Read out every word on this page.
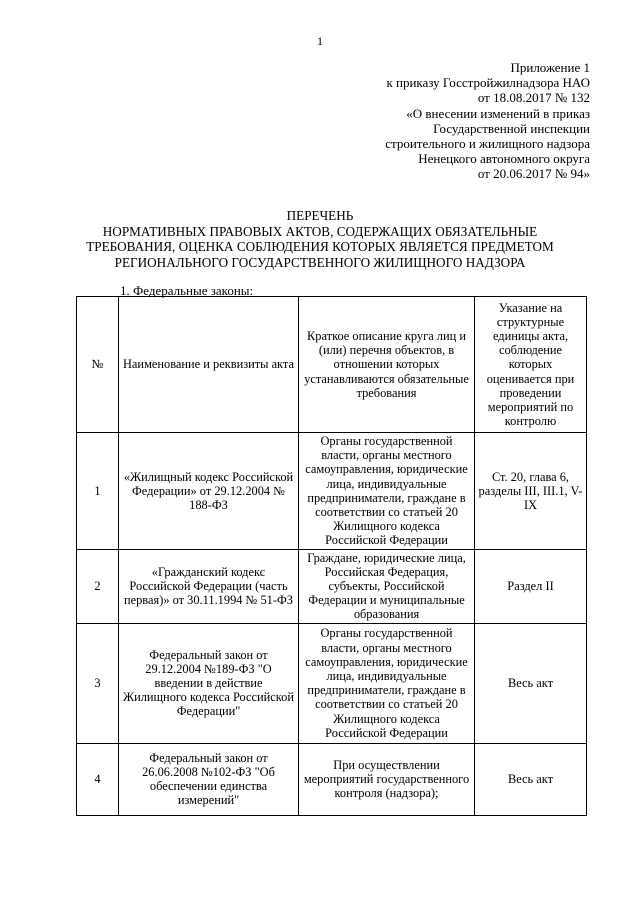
1
Приложение 1
к приказу Госстройжилнадзора НАО
от 18.08.2017 № 132
«О внесении изменений в приказ
Государственной инспекции
строительного и жилищного надзора
Ненецкого автономного округа
от 20.06.2017 № 94»
ПЕРЕЧЕНЬ
НОРМАТИВНЫХ ПРАВОВЫХ АКТОВ, СОДЕРЖАЩИХ ОБЯЗАТЕЛЬНЫЕ
ТРЕБОВАНИЯ, ОЦЕНКА СОБЛЮДЕНИЯ КОТОРЫХ ЯВЛЯЕТСЯ ПРЕДМЕТОМ
РЕГИОНАЛЬНОГО ГОСУДАРСТВЕННОГО ЖИЛИЩНОГО НАДЗОРА
1. Федеральные законы:
№	Наименование и реквизиты акта	Краткое описание круга лиц и (или) перечня объектов, в отношении которых устанавливаются обязательные требования	Указание на структурные единицы акта, соблюдение которых оценивается при проведении мероприятий по контролю
1	«Жилищный кодекс Российской Федерации» от 29.12.2004 № 188-ФЗ	Органы государственной власти, органы местного самоуправления, юридические лица, индивидуальные предприниматели, граждане в соответствии со статьей 20 Жилищного кодекса Российской Федерации	Ст. 20, глава 6, разделы III, III.1, V-IX
2	«Гражданский кодекс Российской Федерации (часть первая)» от 30.11.1994 № 51-ФЗ	Граждане, юридические лица, Российская Федерация, субъекты, Российской Федерации и муниципальные образования	Раздел II
3	Федеральный закон от 29.12.2004 №189-ФЗ "О введении в действие Жилищного кодекса Российской Федерации"	Органы государственной власти, органы местного самоуправления, юридические лица, индивидуальные предприниматели, граждане в соответствии со статьей 20 Жилищного кодекса Российской Федерации	Весь акт
4	Федеральный закон от 26.06.2008 №102-ФЗ "Об обеспечении единства измерений"	При осуществлении мероприятий государственного контроля (надзора);	Весь акт
